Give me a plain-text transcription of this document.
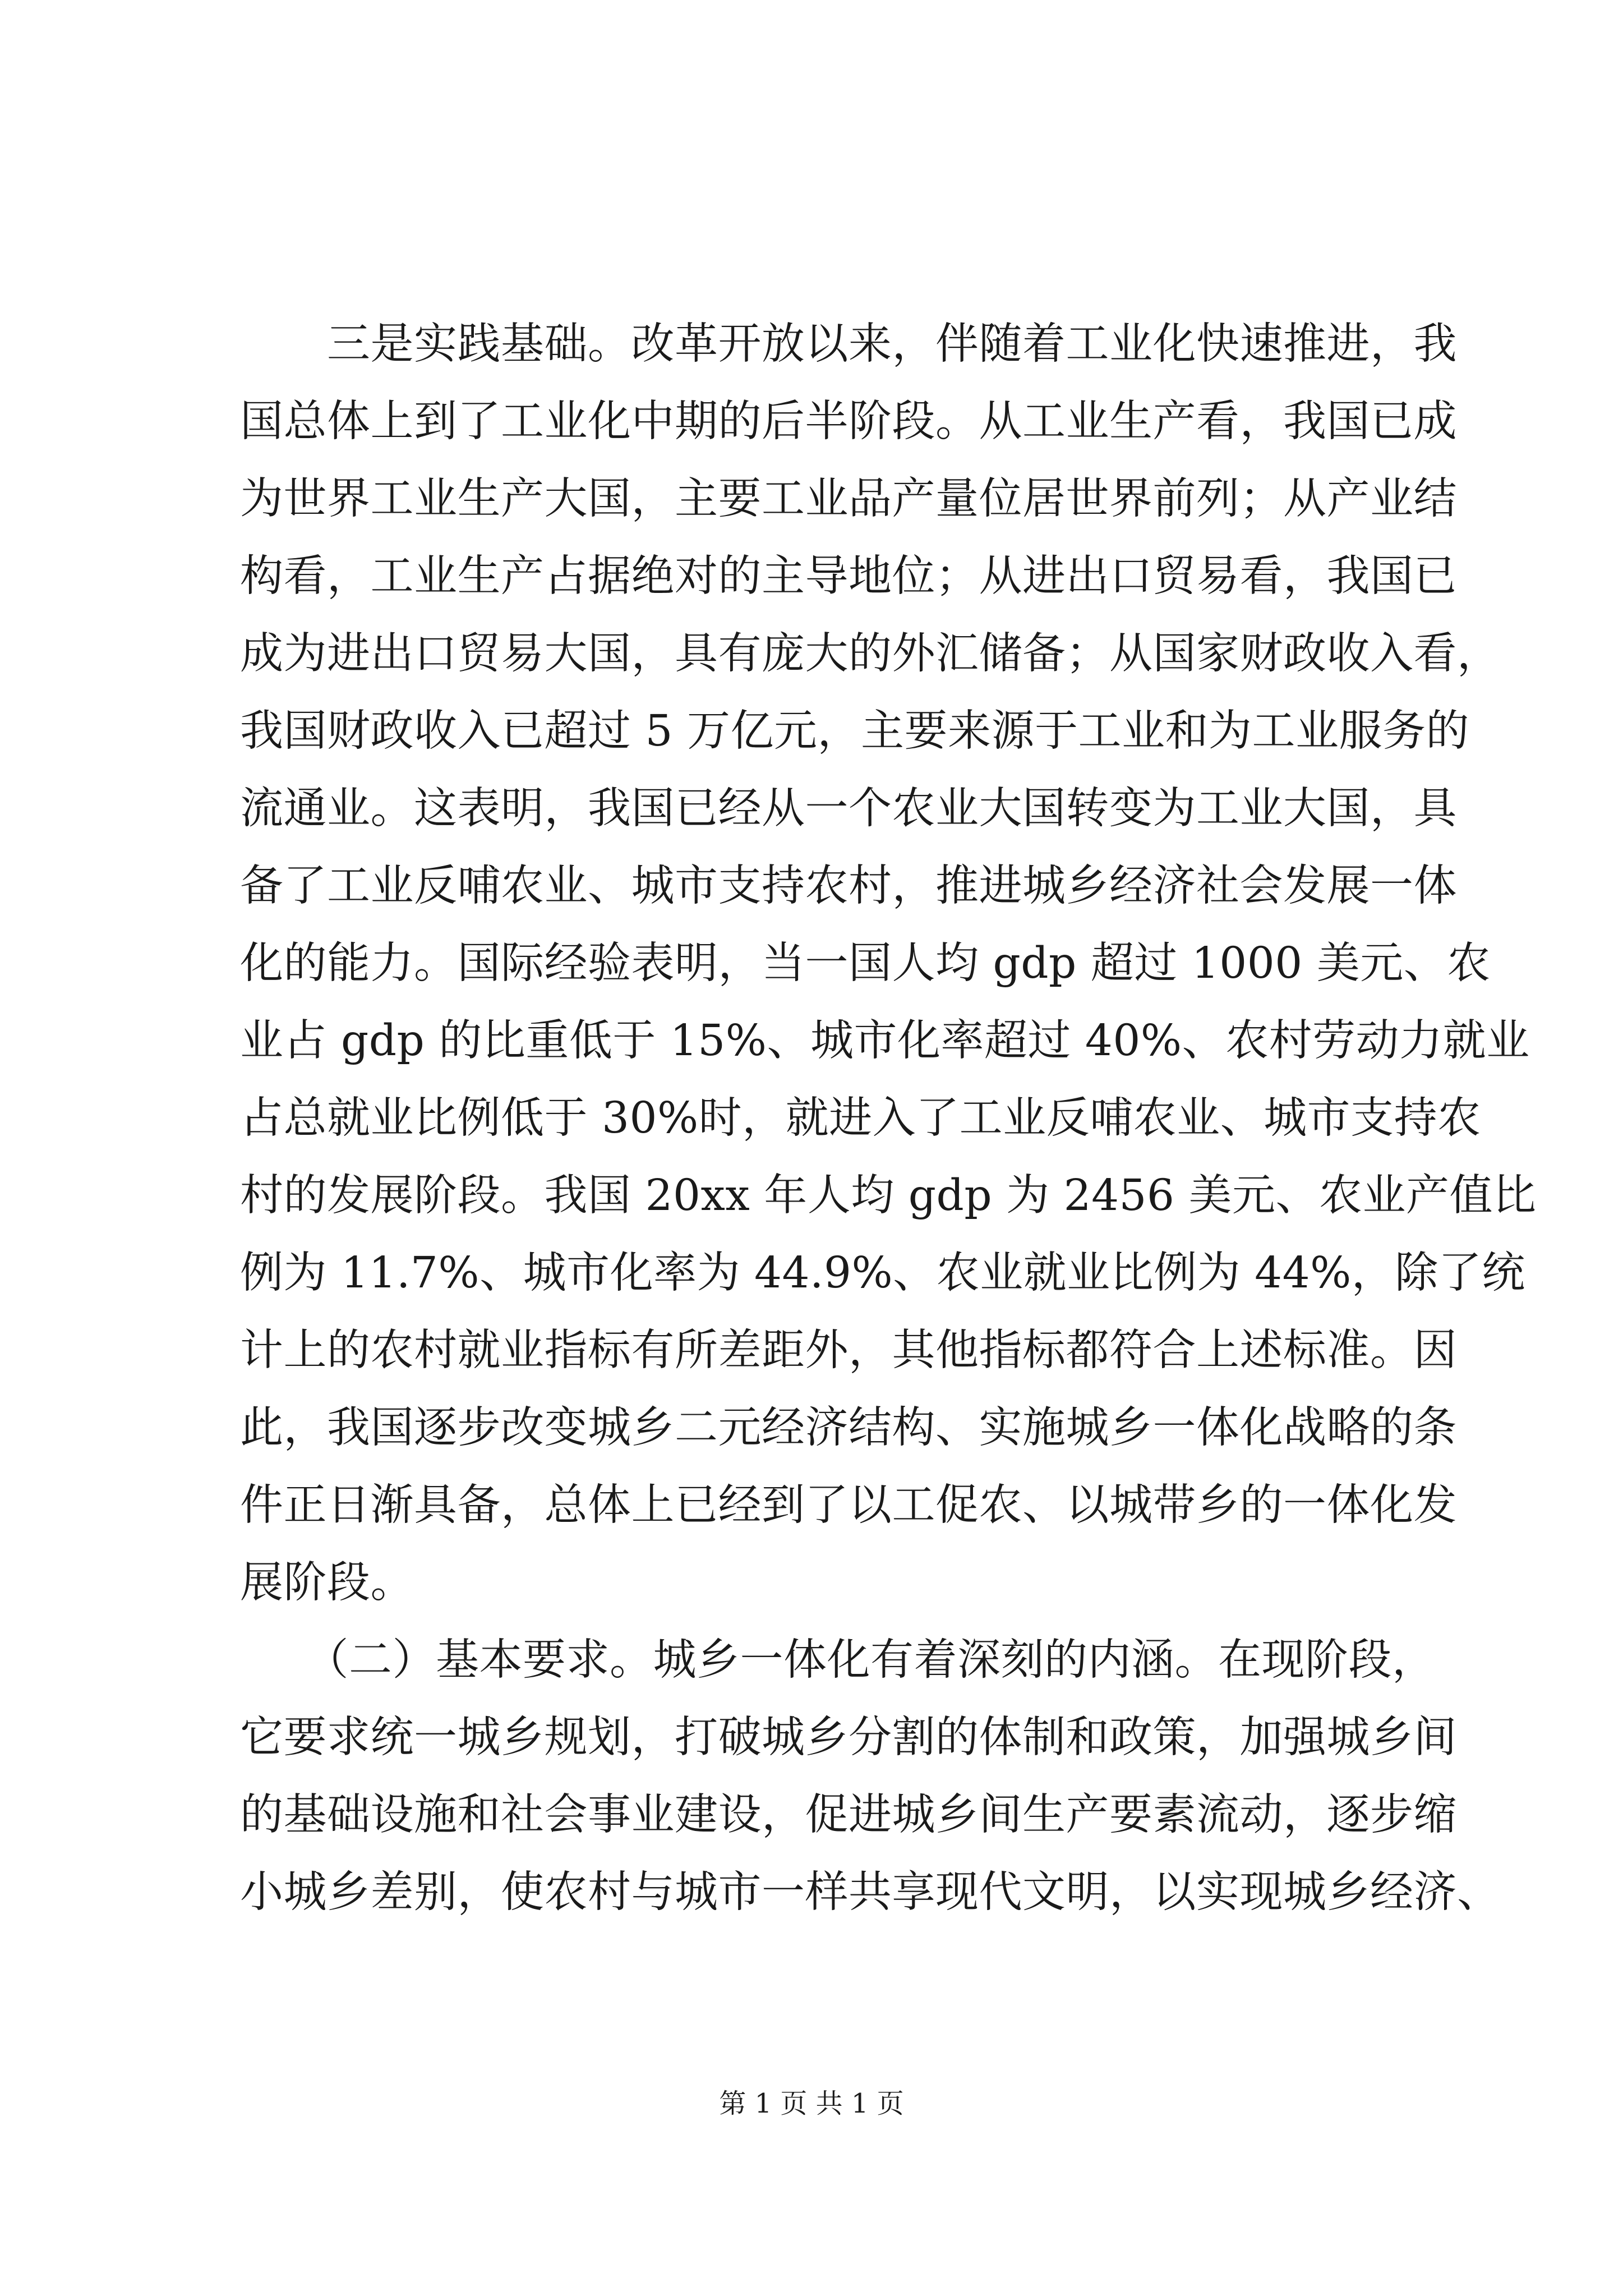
　　三是实践基础。改革开放以来，伴随着工业化快速推进，我
国总体上到了工业化中期的后半阶段。从工业生产看，我国已成
为世界工业生产大国，主要工业品产量位居世界前列；从产业结
构看，工业生产占据绝对的主导地位；从进出口贸易看，我国已
成为进出口贸易大国，具有庞大的外汇储备；从国家财政收入看，
我国财政收入已超过 5 万亿元，主要来源于工业和为工业服务的
流通业。这表明，我国已经从一个农业大国转变为工业大国，具
备了工业反哺农业、城市支持农村，推进城乡经济社会发展一体
化的能力。国际经验表明，当一国人均 gdp 超过 1000 美元、农
业占 gdp 的比重低于 15%、城市化率超过 40%、农村劳动力就业
占总就业比例低于 30%时，就进入了工业反哺农业、城市支持农
村的发展阶段。我国 20xx 年人均 gdp 为 2456 美元、农业产值比
例为 11.7%、城市化率为 44.9%、农业就业比例为 44%，除了统
计上的农村就业指标有所差距外，其他指标都符合上述标准。因
此，我国逐步改变城乡二元经济结构、实施城乡一体化战略的条
件正日渐具备，总体上已经到了以工促农、以城带乡的一体化发
展阶段。
　　（二）基本要求。城乡一体化有着深刻的内涵。在现阶段，
它要求统一城乡规划，打破城乡分割的体制和政策，加强城乡间
的基础设施和社会事业建设，促进城乡间生产要素流动，逐步缩
小城乡差别，使农村与城市一样共享现代文明，以实现城乡经济、
第 1 页 共 1 页
